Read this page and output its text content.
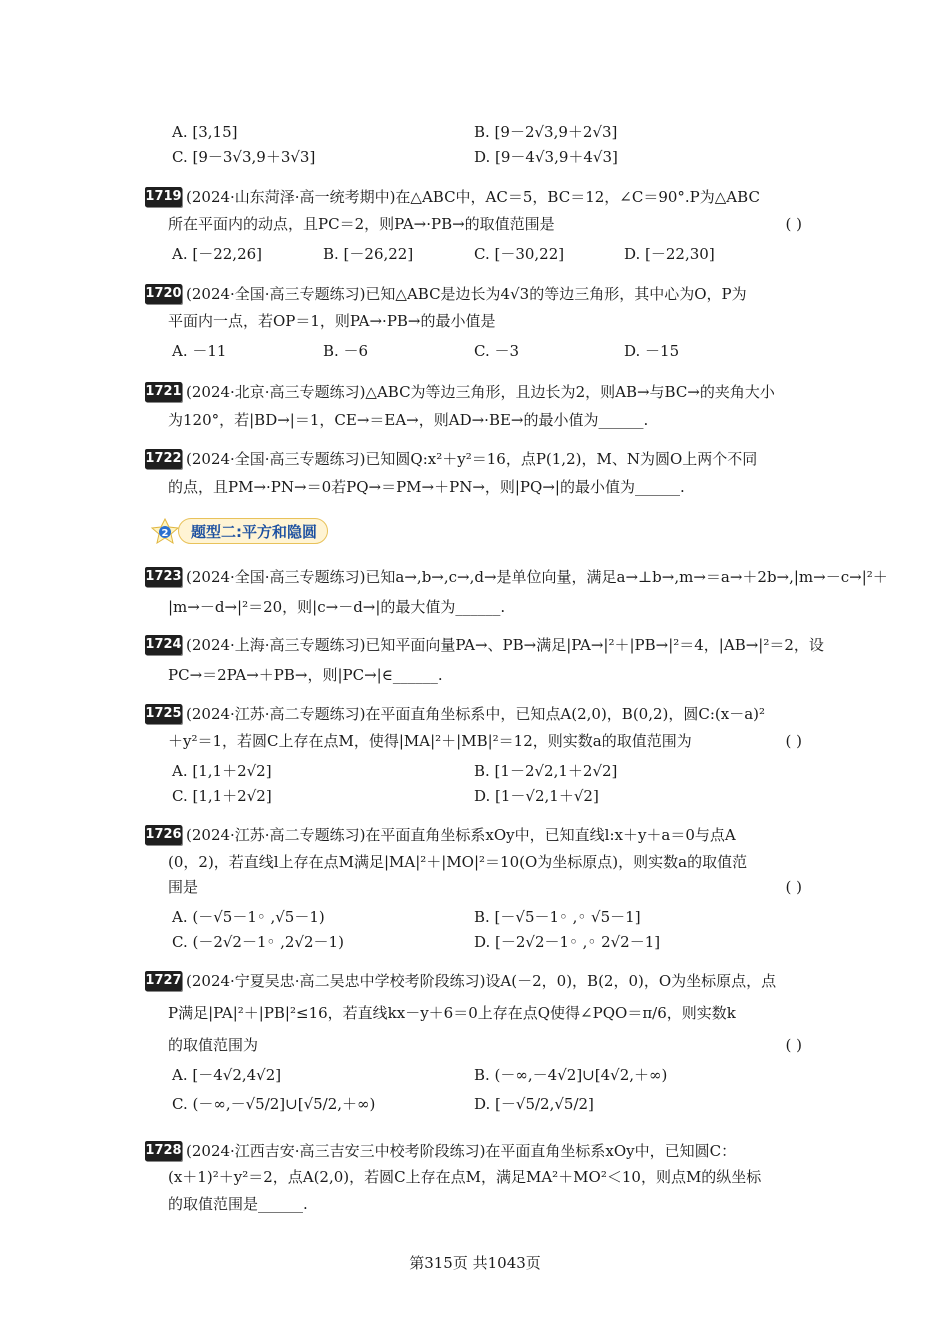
A. [3,15]	B. [9－2√3,9＋2√3]
C. [9－3√3,9＋3√3]	D. [9－4√3,9＋4√3]
1719 (2024·山东菏泽·高一统考期中)在△ABC中，AC＝5，BC＝12，∠C＝90°.P为△ABC
所在平面内的动点，且PC＝2，则PA→·PB→的取值范围是	( )
A. [－22,26]	B. [－26,22]	C. [－30,22]	D. [－22,30]
1720 (2024·全国·高三专题练习)已知△ABC是边长为4√3的等边三角形，其中心为O，P为
平面内一点，若OP＝1，则PA→·PB→的最小值是
A. －11	B. －6	C. －3	D. －15
1721 (2024·北京·高三专题练习)△ABC为等边三角形，且边长为2，则AB→与BC→的夹角大小
为120°，若|BD→|＝1，CE→＝EA→，则AD→·BE→的最小值为______.
1722 (2024·全国·高三专题练习)已知圆Q:x²＋y²＝16，点P(1,2)，M、N为圆O上两个不同
的点，且PM→·PN→＝0若PQ→＝PM→＋PN→，则|PQ→|的最小值为______.
题型二:平方和隐圆
2
1723 (2024·全国·高三专题练习)已知a→,b→,c→,d→是单位向量，满足a→⊥b→,m→＝a→＋2b→,|m→－c→|²＋
|m→－d→|²＝20，则|c→－d→|的最大值为______.
1724 (2024·上海·高三专题练习)已知平面向量PA→、PB→满足|PA→|²＋|PB→|²＝4，|AB→|²＝2，设
PC→＝2PA→＋PB→，则|PC→|∈______.
1725 (2024·江苏·高二专题练习)在平面直角坐标系中，已知点A(2,0)，B(0,2)，圆C:(x－a)²
＋y²＝1，若圆C上存在点M，使得|MA|²＋|MB|²＝12，则实数a的取值范围为	( )
A. [1,1＋2√2]	B. [1－2√2,1＋2√2]
C. [1,1＋2√2]	D. [1－√2,1＋√2]
1726 (2024·江苏·高二专题练习)在平面直角坐标系xOy中，已知直线l:x＋y＋a＝0与点A
(0，2)，若直线l上存在点M满足|MA|²＋|MO|²＝10(O为坐标原点)，则实数a的取值范
围是	( )
A. (－√5－1◦ ,√5－1)	B. [－√5－1◦ ,◦ √5－1]
C. (－2√2－1◦ ,2√2－1)	D. [－2√2－1◦ ,◦ 2√2－1]
1727 (2024·宁夏吴忠·高二吴忠中学校考阶段练习)设A(－2，0)，B(2，0)，O为坐标原点，点
P满足|PA|²＋|PB|²≤16，若直线kx－y＋6＝0上存在点Q使得∠PQO＝π/6，则实数k
的取值范围为	( )
A. [－4√2,4√2]	B. (－∞,－4√2]∪[4√2,＋∞)
C. (－∞,－√5/2]∪[√5/2,＋∞)	D. [－√5/2,√5/2]
1728 (2024·江西吉安·高三吉安三中校考阶段练习)在平面直角坐标系xOy中，已知圆C：
(x＋1)²＋y²＝2，点A(2,0)，若圆C上存在点M，满足MA²＋MO²＜10，则点M的纵坐标
的取值范围是______.
第315页 共1043页
